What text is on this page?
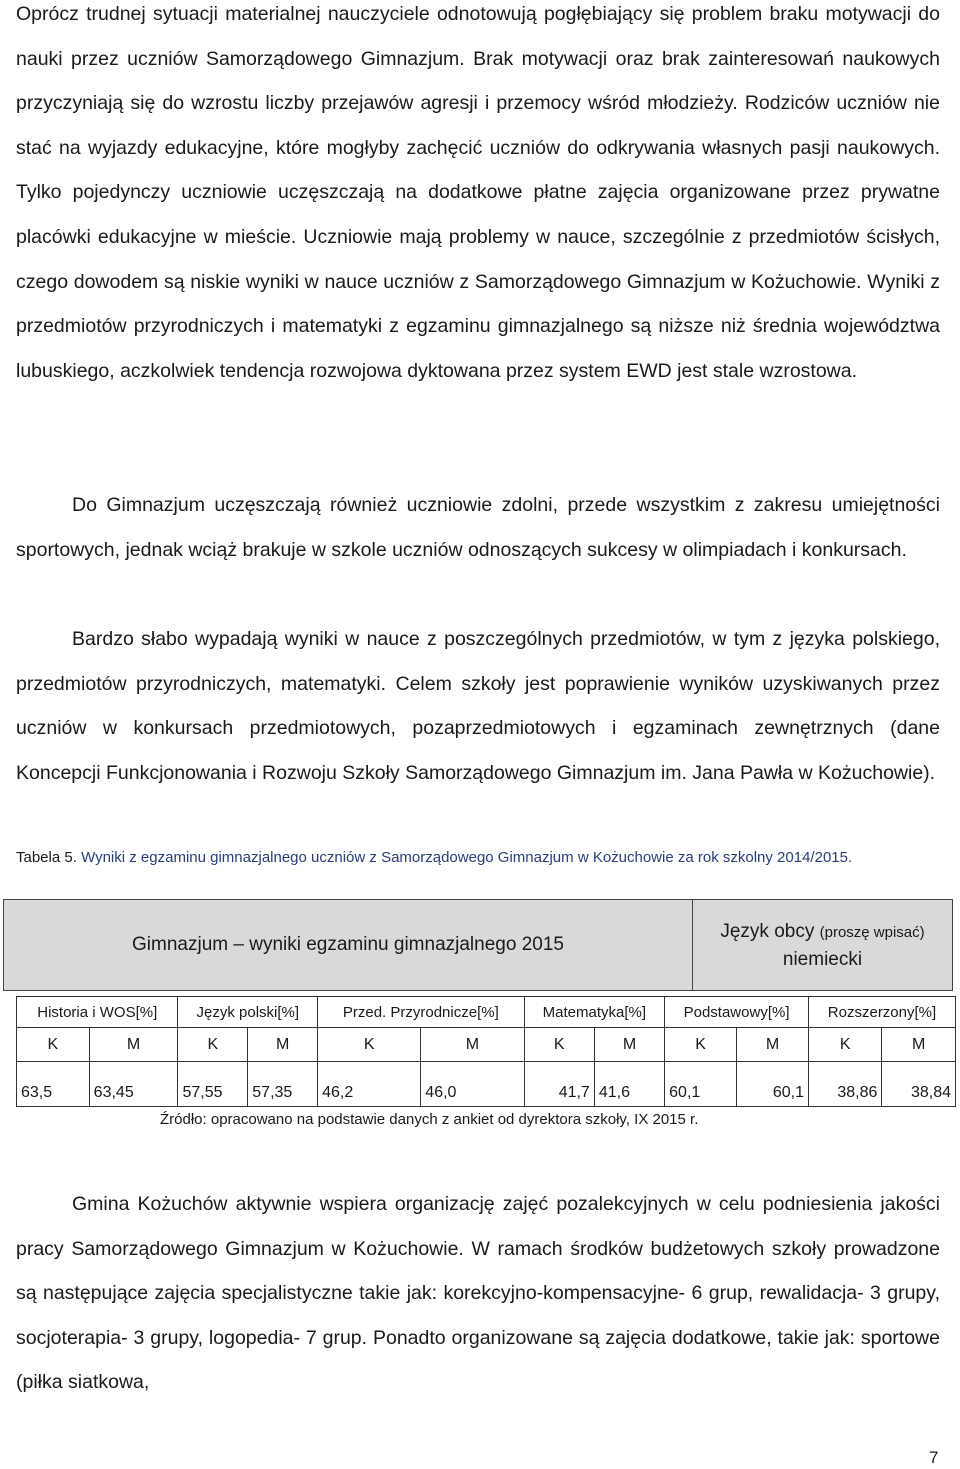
Oprócz trudnej sytuacji materialnej nauczyciele odnotowują pogłębiający się problem braku motywacji do nauki przez uczniów Samorządowego Gimnazjum. Brak motywacji oraz brak zainteresowań naukowych przyczyniają się do wzrostu liczby przejawów agresji i przemocy wśród młodzieży. Rodziców uczniów nie stać na wyjazdy edukacyjne, które mogłyby zachęcić uczniów do odkrywania własnych pasji naukowych. Tylko pojedynczy uczniowie uczęszczają na dodatkowe płatne zajęcia organizowane przez prywatne placówki edukacyjne w mieście. Uczniowie mają problemy w nauce, szczególnie z przedmiotów ścisłych, czego dowodem są niskie wyniki w nauce uczniów z Samorządowego Gimnazjum w Kożuchowie. Wyniki z przedmiotów przyrodniczych i matematyki z egzaminu gimnazjalnego są niższe niż średnia województwa lubuskiego, aczkolwiek tendencja rozwojowa dyktowana przez system EWD jest stale wzrostowa.

Do Gimnazjum uczęszczają również uczniowie zdolni, przede wszystkim z zakresu umiejętności sportowych, jednak wciąż brakuje w szkole uczniów odnoszących sukcesy w olimpiadach i konkursach.

Bardzo słabo wypadają wyniki w nauce z poszczególnych przedmiotów, w tym z języka polskiego, przedmiotów przyrodniczych, matematyki. Celem szkoły jest poprawienie wyników uzyskiwanych przez uczniów w konkursach przedmiotowych, pozaprzedmiotowych i egzaminach zewnętrznych (dane Koncepcji Funkcjonowania i Rozwoju Szkoły Samorządowego Gimnazjum im. Jana Pawła w Kożuchowie).

Tabela 5. Wyniki z egzaminu gimnazjalnego uczniów z Samorządowego Gimnazjum w Kożuchowie za rok szkolny 2014/2015.

Gimnazjum – wyniki egzaminu gimnazjalnego 2015
Język obcy (proszę wpisać)
niemiecki
Historia i WOS[%]		Język polski[%]		Przed. Przyrodnicze[%]		Matematyka[%]		Podstawowy[%]		Rozszerzony[%]	
K	M	K	M	K	M	K	M	K	M	K	M
63,5	63,45	57,55	57,35	46,2	46,0	41,7	41,6	60,1	60,1	38,86	38,84

Źródło: opracowano na podstawie danych z ankiet od dyrektora szkoły, IX 2015 r.

Gmina Kożuchów aktywnie wspiera organizację zajęć pozalekcyjnych w celu podniesienia jakości pracy Samorządowego Gimnazjum w Kożuchowie. W ramach środków budżetowych szkoły prowadzone są następujące zajęcia specjalistyczne takie jak: korekcyjno-kompensacyjne- 6 grup, rewalidacja- 3 grupy, socjoterapia- 3 grupy, logopedia- 7 grup. Ponadto organizowane są zajęcia dodatkowe, takie jak: sportowe (piłka siatkowa,

7
